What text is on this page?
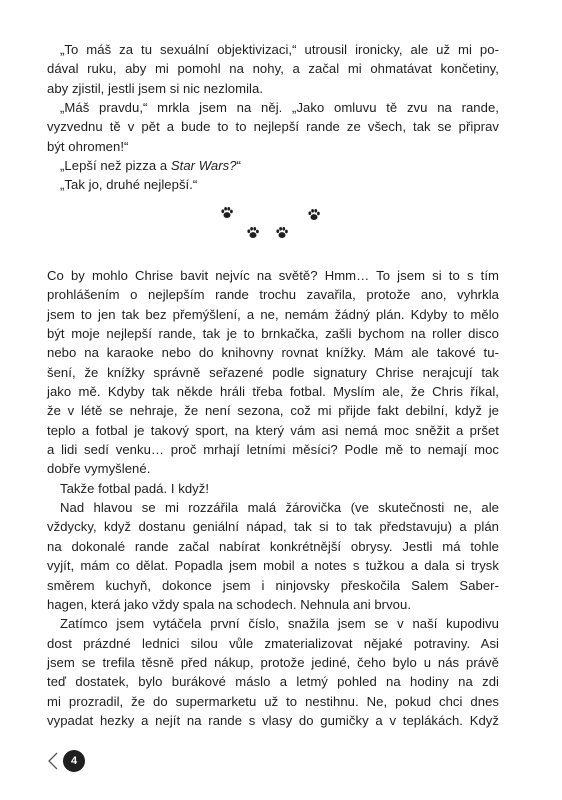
„To máš za tu sexuální objektivizaci,“ utrousil ironicky, ale už mi po-
dával ruku, aby mi pomohl na nohy, a začal mi ohmatávat končetiny,
aby zjistil, jestli jsem si nic nezlomila.
„Máš pravdu,“ mrkla jsem na něj. „Jako omluvu tě zvu na rande,
vyzvednu tě v pět a bude to to nejlepší rande ze všech, tak se připrav
být ohromen!“
„Lepší než pizza a Star Wars?“
„Tak jo, druhé nejlepší.“
Co by mohlo Chrise bavit nejvíc na světě? Hmm… To jsem si to s tím
prohlášením o nejlepším rande trochu zavařila, protože ano, vyhrkla
jsem to jen tak bez přemýšlení, a ne, nemám žádný plán. Kdyby to mělo
být moje nejlepší rande, tak je to brnkačka, zašli bychom na roller disco
nebo na karaoke nebo do knihovny rovnat knížky. Mám ale takové tu-
šení, že knížky správně seřazené podle signatury Chrise nerajcují tak
jako mě. Kdyby tak někde hráli třeba fotbal. Myslím ale, že Chris říkal,
že v létě se nehraje, že není sezona, což mi přijde fakt debilní, když je
teplo a fotbal je takový sport, na který vám asi nemá moc sněžit a pršet
a lidi sedí venku… proč mrhají letními měsíci? Podle mě to nemají moc
dobře vymyšlené.
Takže fotbal padá. I když!
Nad hlavou se mi rozzářila malá žárovička (ve skutečnosti ne, ale
vždycky, když dostanu geniální nápad, tak si to tak představuju) a plán
na dokonalé rande začal nabírat konkrétnější obrysy. Jestli má tohle
vyjít, mám co dělat. Popadla jsem mobil a notes s tužkou a dala si trysk
směrem kuchyň, dokonce jsem i ninjovsky přeskočila Salem Saber-
hagen, která jako vždy spala na schodech. Nehnula ani brvou.
Zatímco jsem vytáčela první číslo, snažila jsem se v naší kupodivu
dost prázdné lednici silou vůle zmaterializovat nějaké potraviny. Asi
jsem se trefila těsně před nákup, protože jediné, čeho bylo u nás právě
teď dostatek, bylo burákové máslo a letmý pohled na hodiny na zdi
mi prozradil, že do supermarketu už to nestihnu. Ne, pokud chci dnes
vypadat hezky a nejít na rande s vlasy do gumičky a v teplákách. Když
4
